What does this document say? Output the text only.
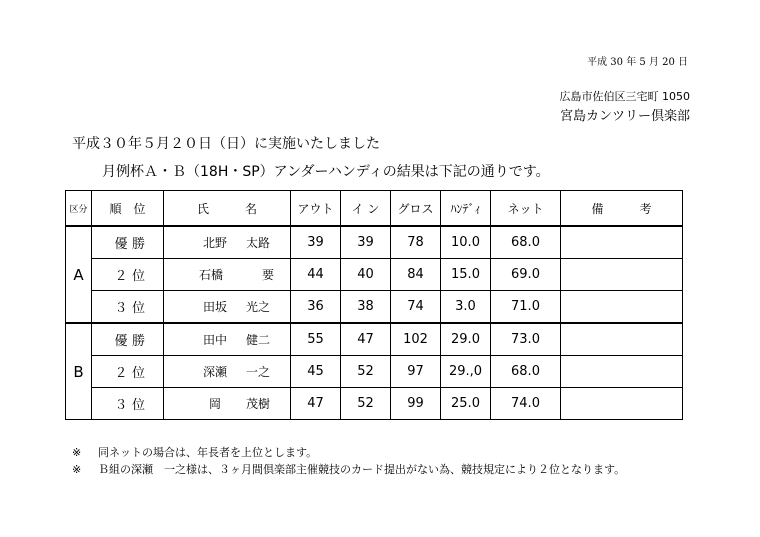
平成 30 年 5 月 20 日
広島市佐伯区三宅町 1050
宮島カンツリー倶楽部
平成３０年５月２０日（日）に実施いたしました
月例杯Ａ・Ｂ（18H・SP）アンダーハンディの結果は下記の通りです。
区分	順　位	氏　　　名	アウト	イ ン	グロス	ﾊﾝﾃﾞｨ	ネット	備　　　考
A	優 勝	北野 太路	39	39	78	10.0	68.0	
	２ 位	石橋 要	44	40	84	15.0	69.0	
	３ 位	田坂 光之	36	38	74	3.0	71.0	
B	優 勝	田中 健二	55	47	102	29.0	73.0	
	２ 位	深瀬 一之	45	52	97	29.,0	68.0	
	３ 位	岡 茂樹	47	52	99	25.0	74.0	
※ 同ネットの場合は、年長者を上位とします。
※ Ｂ組の深瀬　一之様は、３ヶ月間倶楽部主催競技のカード提出がない為、競技規定により２位となります。
